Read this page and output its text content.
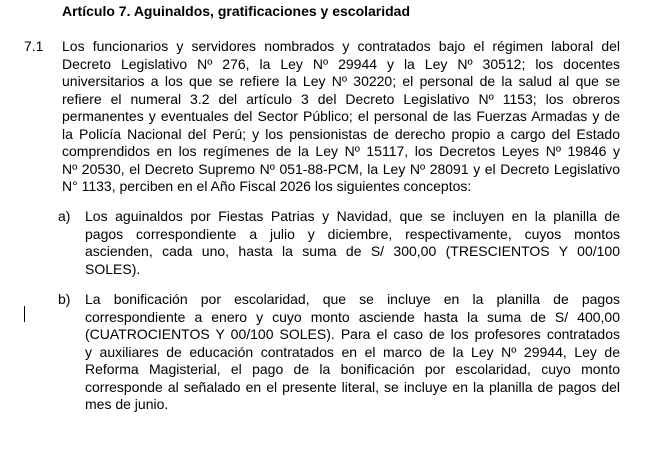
Artículo 7. Aguinaldos, gratificaciones y escolaridad
7.1 Los funcionarios y servidores nombrados y contratados bajo el régimen laboral del
Decreto Legislativo Nº 276, la Ley Nº 29944 y la Ley Nº 30512; los docentes
universitarios a los que se refiere la Ley Nº 30220; el personal de la salud al que se
refiere el numeral 3.2 del artículo 3 del Decreto Legislativo Nº 1153; los obreros
permanentes y eventuales del Sector Público; el personal de las Fuerzas Armadas y de
la Policía Nacional del Perú; y los pensionistas de derecho propio a cargo del Estado
comprendidos en los regímenes de la Ley Nº 15117, los Decretos Leyes Nº 19846 y
Nº 20530, el Decreto Supremo Nº 051-88-PCM, la Ley Nº 28091 y el Decreto Legislativo
N° 1133, perciben en el Año Fiscal 2026 los siguientes conceptos:
a) Los aguinaldos por Fiestas Patrias y Navidad, que se incluyen en la planilla de
pagos correspondiente a julio y diciembre, respectivamente, cuyos montos
ascienden, cada uno, hasta la suma de S/ 300,00 (TRESCIENTOS Y 00/100
SOLES).
b) La bonificación por escolaridad, que se incluye en la planilla de pagos
correspondiente a enero y cuyo monto asciende hasta la suma de S/ 400,00
(CUATROCIENTOS Y 00/100 SOLES). Para el caso de los profesores contratados
y auxiliares de educación contratados en el marco de la Ley Nº 29944, Ley de
Reforma Magisterial, el pago de la bonificación por escolaridad, cuyo monto
corresponde al señalado en el presente literal, se incluye en la planilla de pagos del
mes de junio.
